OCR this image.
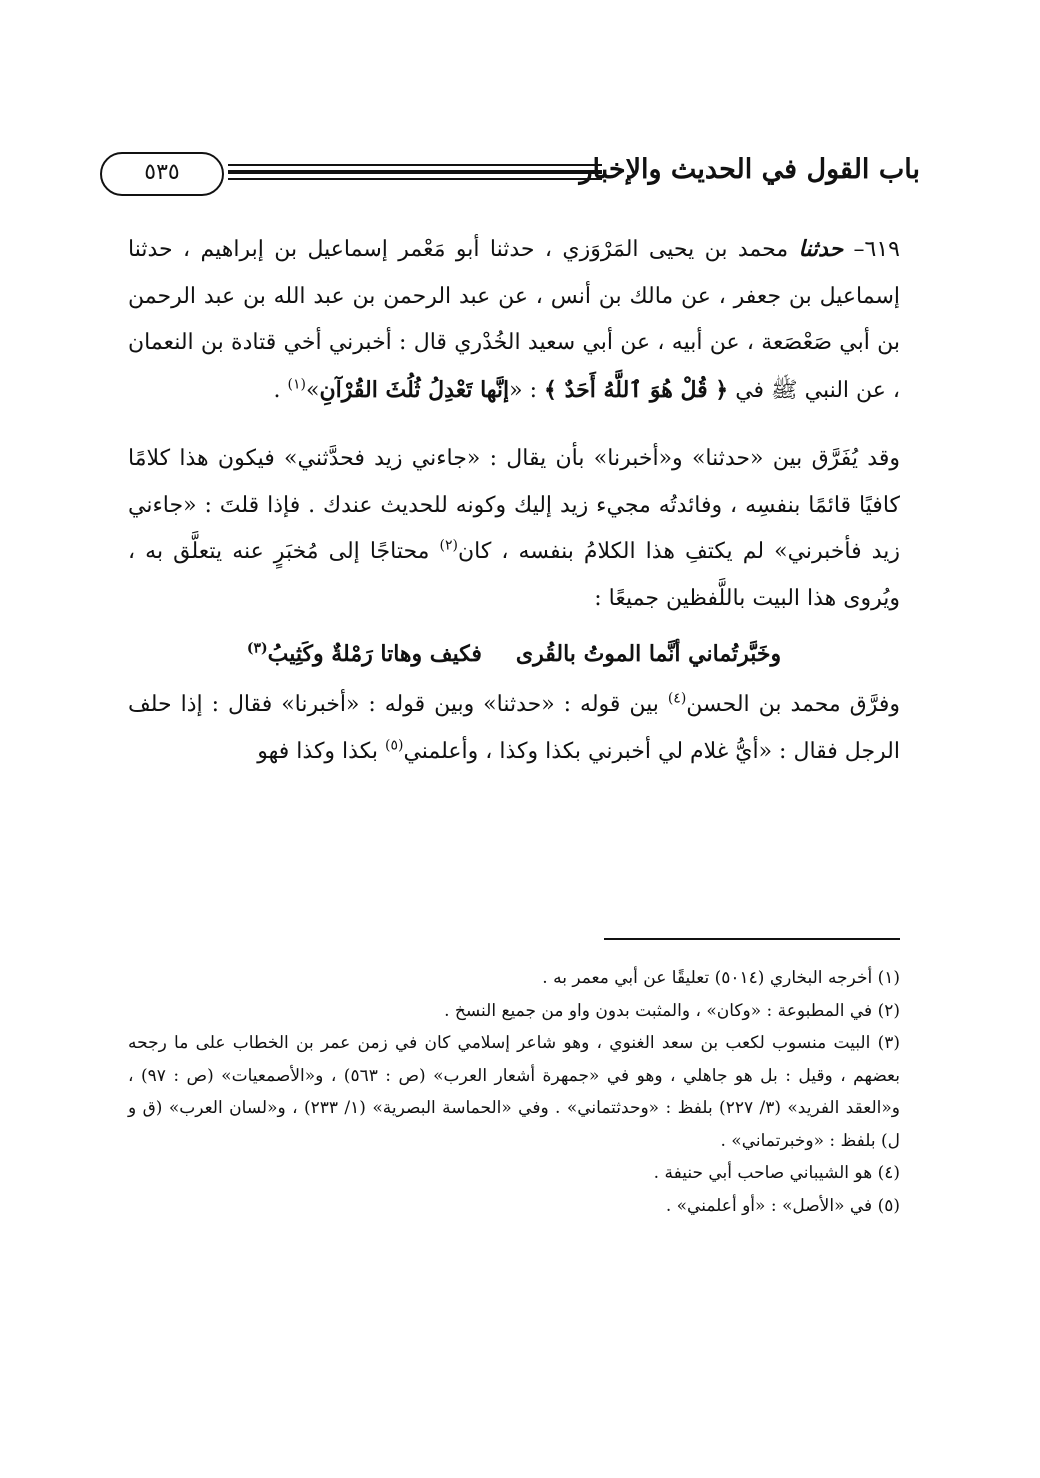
باب القول في الحديث والإخبار
٥٣٥

٦١٩– حدثنا محمد بن يحيى المَرْوَزي ، حدثنا أبو مَعْمر إسماعيل بن إبراهيم ، حدثنا إسماعيل بن جعفر ، عن مالك بن أنس ، عن عبد الرحمن بن عبد الله بن عبد الرحمن بن أبي صَعْصَعة ، عن أبيه ، عن أبي سعيد الخُدْري قال : أخبرني أخي قتادة بن النعمان ، عن النبي ﷺ في ﴿ قُلْ هُوَ ٱللَّهُ أَحَدٌ ﴾ : «إنَّها تَعْدِلُ ثُلُثَ القُرْآنِ»$^{(١)}$ .

وقد يُفَرَّق بين «حدثنا» و«أخبرنا» بأن يقال : «جاءني زيد فحدَّثني» فيكون هذا كلامًا كافيًا قائمًا بنفسِه ، وفائدتُه مجيء زيد إليك وكونه للحديث عندك . فإذا قلتَ : «جاءني زيد فأخبرني» لم يكتفِ هذا الكلامُ بنفسه ، كان$^{(٢)}$ محتاجًا إلى مُخبَرٍ عنه يتعلَّق به ، ويُروى هذا البيت باللَّفظين جميعًا :

وخَبَّرتُماني أنَّما الموتُ بالقُرىفكيف وهاتا رَمْلةٌ وكَثِيبُ$^{(٣)}$

وفرَّق محمد بن الحسن$^{(٤)}$ بين قوله : «حدثنا» وبين قوله : «أخبرنا» فقال : إذا حلف الرجل فقال : «أيُّ غلام لي أخبرني بكذا وكذا ، وأعلمني$^{(٥)}$ بكذا وكذا فهو

(١) أخرجه البخاري (٥٠١٤) تعليقًا عن أبي معمر به .

(٢) في المطبوعة : «وكان» ، والمثبت بدون واو من جميع النسخ .

(٣) البيت منسوب لكعب بن سعد الغنوي ، وهو شاعر إسلامي كان في زمن عمر بن الخطاب على ما رجحه بعضهم ، وقيل : بل هو جاهلي ، وهو في «جمهرة أشعار العرب» (ص : ٥٦٣) ، و«الأصمعيات» (ص : ٩٧) ، و«العقد الفريد» (٣/ ٢٢٧) بلفظ : «وحدثتماني» . وفي «الحماسة البصرية» (١/ ٢٣٣) ، و«لسان العرب» (ق و ل) بلفظ : «وخبرتماني» .

(٤) هو الشيباني صاحب أبي حنيفة .

(٥) في «الأصل» : «أو أعلمني» .
